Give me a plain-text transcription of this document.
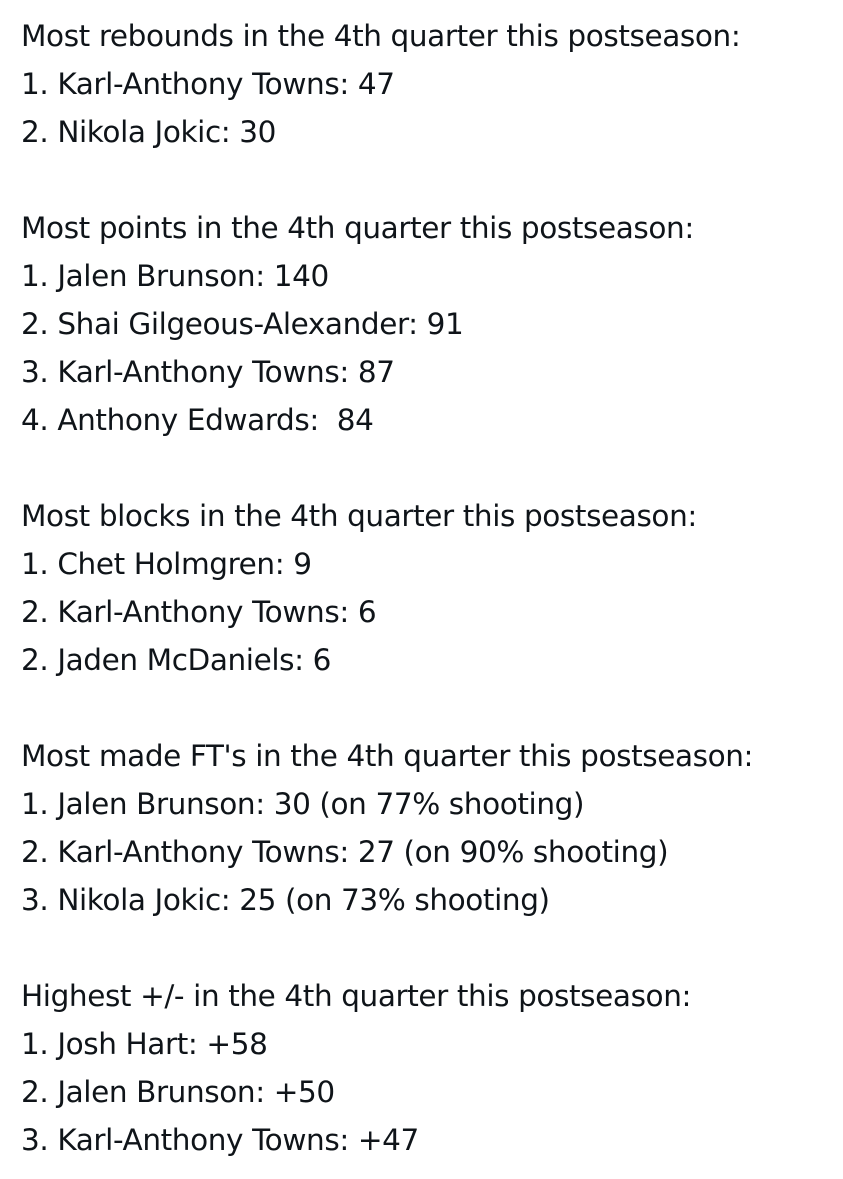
Most rebounds in the 4th quarter this postseason:
1. Karl-Anthony Towns: 47
2. Nikola Jokic: 30
Most points in the 4th quarter this postseason:
1. Jalen Brunson: 140
2. Shai Gilgeous-Alexander: 91
3. Karl-Anthony Towns: 87
4. Anthony Edwards:  84
Most blocks in the 4th quarter this postseason:
1. Chet Holmgren: 9
2. Karl-Anthony Towns: 6
2. Jaden McDaniels: 6
Most made FT's in the 4th quarter this postseason:
1. Jalen Brunson: 30 (on 77% shooting)
2. Karl-Anthony Towns: 27 (on 90% shooting)
3. Nikola Jokic: 25 (on 73% shooting)
Highest +/- in the 4th quarter this postseason:
1. Josh Hart: +58
2. Jalen Brunson: +50
3. Karl-Anthony Towns: +47
